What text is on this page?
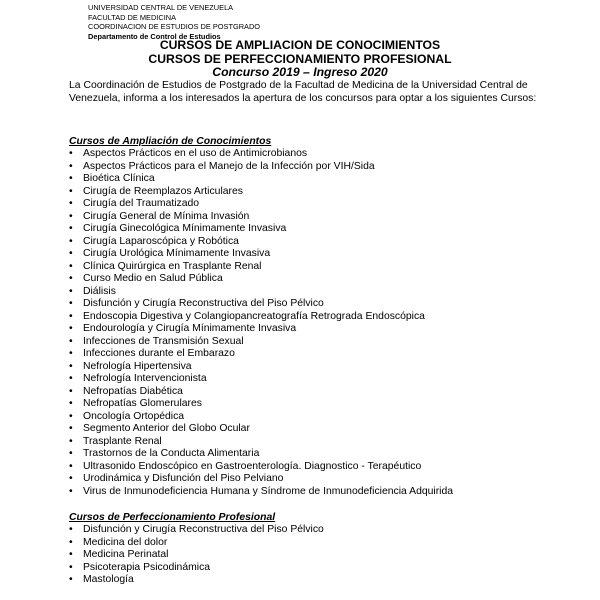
UNIVERSIDAD CENTRAL DE VENEZUELA
FACULTAD DE MEDICINA
COORDINACION DE ESTUDIOS DE POSTGRADO
Departamento de Control de Estudios
CURSOS DE AMPLIACION DE CONOCIMIENTOS
CURSOS DE PERFECCIONAMIENTO PROFESIONAL
Concurso 2019 – Ingreso 2020
La Coordinación de Estudios de Postgrado de la Facultad de Medicina de la Universidad Central de Venezuela, informa a los interesados la apertura de los concursos para optar a los siguientes Cursos:
Cursos de Ampliación de Conocimientos
• Aspectos Prácticos en el uso de Antimicrobianos
• Aspectos Prácticos para el Manejo de la Infección por VIH/Sida
• Bioética Clínica
• Cirugía de Reemplazos Articulares
• Cirugía del Traumatizado
• Cirugía General de Mínima Invasión
• Cirugía Ginecológica Mínimamente Invasiva
• Cirugía Laparoscópica y Robótica
• Cirugía Urológica Mínimamente Invasiva
• Clínica Quirúrgica en Trasplante Renal
• Curso Medio en Salud Pública
• Diálisis
• Disfunción y Cirugía Reconstructiva del Piso Pélvico
• Endoscopia Digestiva y Colangiopancreatografía Retrograda Endoscópica
• Endourología y Cirugía Mínimamente Invasiva
• Infecciones de Transmisión Sexual
• Infecciones durante el Embarazo
• Nefrología Hipertensiva
• Nefrología Intervencionista
• Nefropatías Diabética
• Nefropatías Glomerulares
• Oncología Ortopédica
• Segmento Anterior del Globo Ocular
• Trasplante Renal
• Trastornos de la Conducta Alimentaria
• Ultrasonido Endoscópico en Gastroenterología. Diagnostico - Terapéutico
• Urodinámica y Disfunción del Piso Pelviano
• Virus de Inmunodeficiencia Humana y Síndrome de Inmunodeficiencia Adquirida
Cursos de Perfeccionamiento Profesional
• Disfunción y Cirugía Reconstructiva del Piso Pélvico
• Medicina del dolor
• Medicina Perinatal
• Psicoterapia Psicodinámica
• Mastología
